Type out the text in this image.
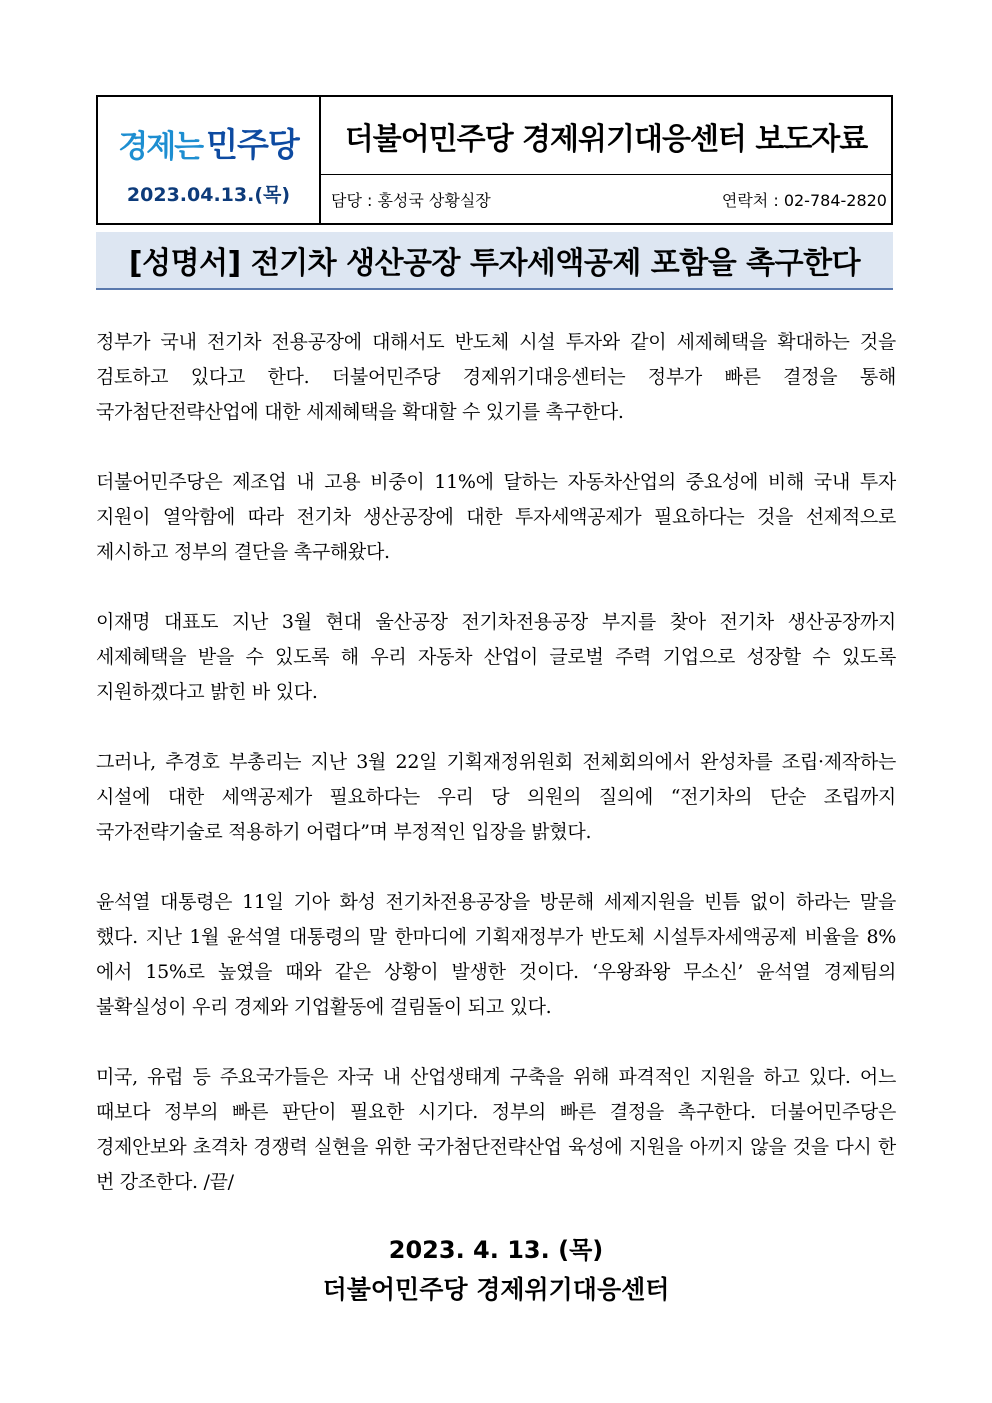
경제는 민주당
2023.04.13.(목)
더불어민주당 경제위기대응센터 보도자료
담당 : 홍성국 상황실장	연락처 : 02-784-2820
[성명서] 전기차 생산공장 투자세액공제 포함을 촉구한다

정부가 국내 전기차 전용공장에 대해서도 반도체 시설 투자와 같이 세제혜택을 확대하는 것을 검토하고 있다고 한다. 더불어민주당 경제위기대응센터는 정부가 빠른 결정을 통해 국가첨단전략산업에 대한 세제혜택을 확대할 수 있기를 촉구한다.

더불어민주당은 제조업 내 고용 비중이 11%에 달하는 자동차산업의 중요성에 비해 국내 투자 지원이 열악함에 따라 전기차 생산공장에 대한 투자세액공제가 필요하다는 것을 선제적으로 제시하고 정부의 결단을 촉구해왔다.

이재명 대표도 지난 3월 현대 울산공장 전기차전용공장 부지를 찾아 전기차 생산공장까지 세제혜택을 받을 수 있도록 해 우리 자동차 산업이 글로벌 주력 기업으로 성장할 수 있도록 지원하겠다고 밝힌 바 있다.

그러나, 추경호 부총리는 지난 3월 22일 기획재정위원회 전체회의에서 완성차를 조립·제작하는 시설에 대한 세액공제가 필요하다는 우리 당 의원의 질의에 “전기차의 단순 조립까지 국가전략기술로 적용하기 어렵다”며 부정적인 입장을 밝혔다.

윤석열 대통령은 11일 기아 화성 전기차전용공장을 방문해 세제지원을 빈틈 없이 하라는 말을 했다. 지난 1월 윤석열 대통령의 말 한마디에 기획재정부가 반도체 시설투자세액공제 비율을 8%에서 15%로 높였을 때와 같은 상황이 발생한 것이다. ‘우왕좌왕 무소신’ 윤석열 경제팀의 불확실성이 우리 경제와 기업활동에 걸림돌이 되고 있다.

미국, 유럽 등 주요국가들은 자국 내 산업생태계 구축을 위해 파격적인 지원을 하고 있다. 어느 때보다 정부의 빠른 판단이 필요한 시기다. 정부의 빠른 결정을 촉구한다. 더불어민주당은 경제안보와 초격차 경쟁력 실현을 위한 국가첨단전략산업 육성에 지원을 아끼지 않을 것을 다시 한 번 강조한다. /끝/

2023. 4. 13. (목)
더불어민주당 경제위기대응센터
